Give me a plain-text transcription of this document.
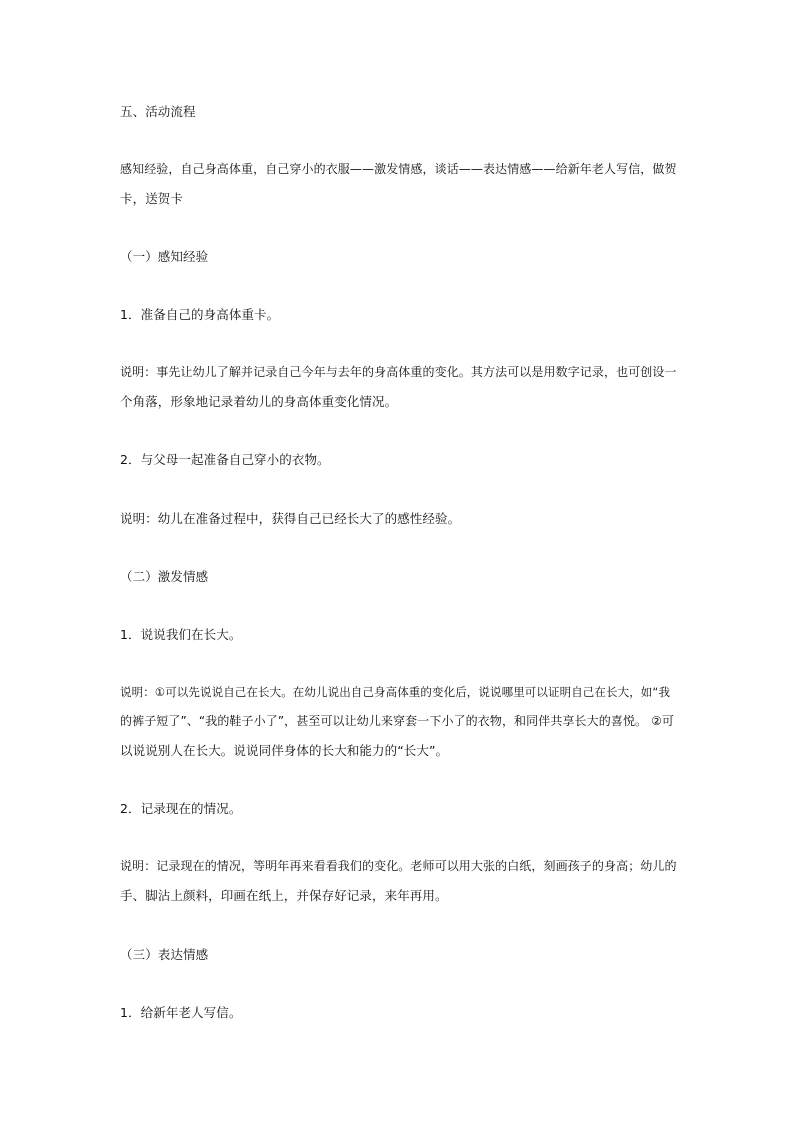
五、活动流程
感知经验，自己身高体重，自己穿小的衣服——激发情感，谈话——表达情感——给新年老人写信，做贺
卡，送贺卡
（一）感知经验
1．准备自己的身高体重卡。
说明：事先让幼儿了解并记录自己今年与去年的身高体重的变化。其方法可以是用数字记录，也可创设一
个角落，形象地记录着幼儿的身高体重变化情况。
2．与父母一起准备自己穿小的衣物。
说明：幼儿在准备过程中，获得自己已经长大了的感性经验。
（二）激发情感
1．说说我们在长大。
说明：①可以先说说自己在长大。在幼儿说出自己身高体重的变化后，说说哪里可以证明自己在长大，如“我
的裤子短了”、“我的鞋子小了”，甚至可以让幼儿来穿套一下小了的衣物，和同伴共享长大的喜悦。 ②可
以说说别人在长大。说说同伴身体的长大和能力的“长大”。
2．记录现在的情况。
说明：记录现在的情况，等明年再来看看我们的变化。老师可以用大张的白纸，刻画孩子的身高；幼儿的
手、脚沾上颜料，印画在纸上，并保存好记录，来年再用。
（三）表达情感
1．给新年老人写信。
